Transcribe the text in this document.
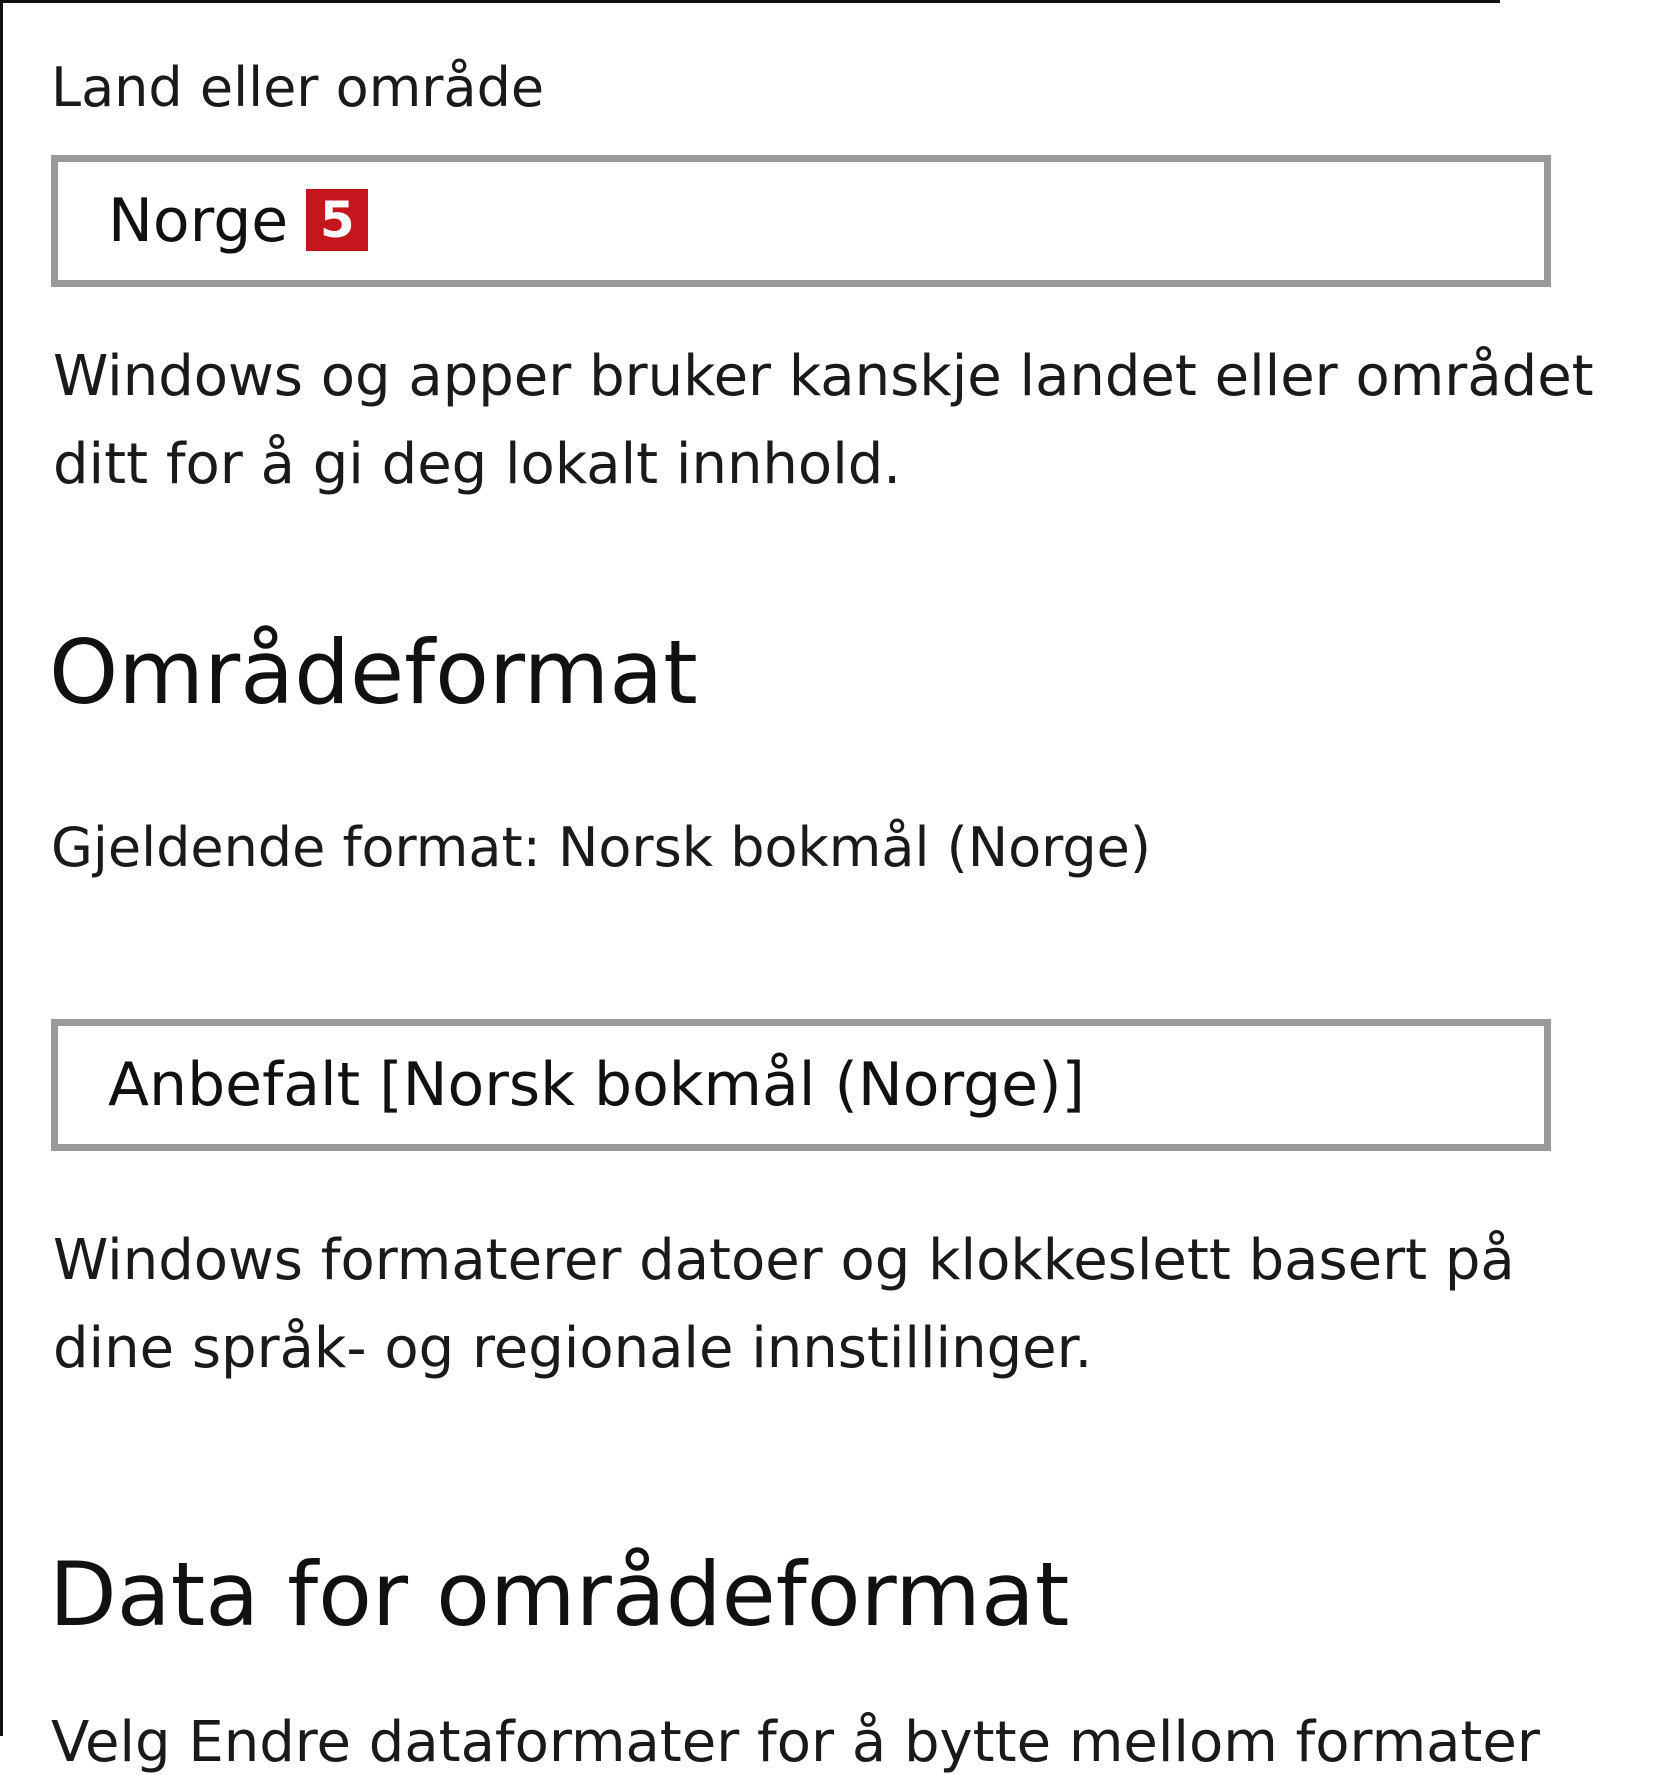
Land eller område
Norge 5
Windows og apper bruker kanskje landet eller området ditt for å gi deg lokalt innhold.
Områdeformat
Gjeldende format: Norsk bokmål (Norge)
Anbefalt [Norsk bokmål (Norge)]
Windows formaterer datoer og klokkeslett basert på dine språk- og regionale innstillinger.
Data for områdeformat
Velg Endre dataformater for å bytte mellom formater
